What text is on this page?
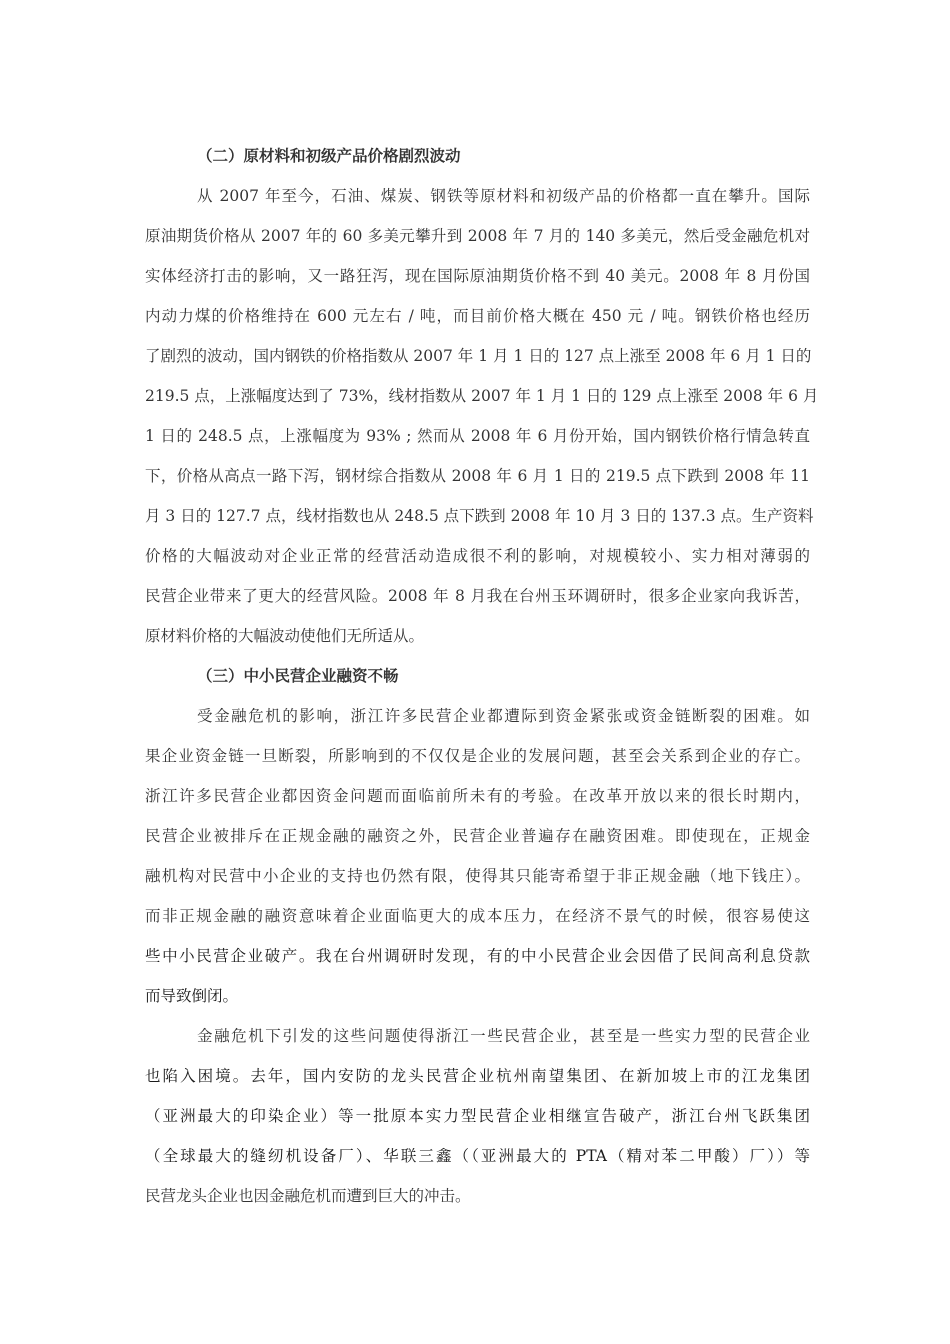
（二）原材料和初级产品价格剧烈波动

从 2007 年至今，石油、煤炭、钢铁等原材料和初级产品的价格都一直在攀升。国际

原油期货价格从 2007 年的 60 多美元攀升到 2008 年 7 月的 140 多美元，然后受金融危机对

实体经济打击的影响，又一路狂泻，现在国际原油期货价格不到 40 美元。2008 年 8 月份国

内动力煤的价格维持在 600 元左右 / 吨，而目前价格大概在 450 元 / 吨。钢铁价格也经历

了剧烈的波动，国内钢铁的价格指数从 2007 年 1 月 1 日的 127 点上涨至 2008 年 6 月 1 日的

219.5 点，上涨幅度达到了 73%，线材指数从 2007 年 1 月 1 日的 129 点上涨至 2008 年 6 月

1 日的 248.5 点，上涨幅度为 93% ; 然而从 2008 年 6 月份开始，国内钢铁价格行情急转直

下，价格从高点一路下泻，钢材综合指数从 2008 年 6 月 1 日的 219.5 点下跌到 2008 年 11

月 3 日的 127.7 点，线材指数也从 248.5 点下跌到 2008 年 10 月 3 日的 137.3 点。生产资料

价格的大幅波动对企业正常的经营活动造成很不利的影响，对规模较小、实力相对薄弱的

民营企业带来了更大的经营风险。2008 年 8 月我在台州玉环调研时，很多企业家向我诉苦，

原材料价格的大幅波动使他们无所适从。

（三）中小民营企业融资不畅

受金融危机的影响，浙江许多民营企业都遭际到资金紧张或资金链断裂的困难。如

果企业资金链一旦断裂，所影响到的不仅仅是企业的发展问题，甚至会关系到企业的存亡。

浙江许多民营企业都因资金问题而面临前所未有的考验。在改革开放以来的很长时期内，

民营企业被排斥在正规金融的融资之外，民营企业普遍存在融资困难。即使现在，正规金

融机构对民营中小企业的支持也仍然有限，使得其只能寄希望于非正规金融（地下钱庄）。

而非正规金融的融资意味着企业面临更大的成本压力，在经济不景气的时候，很容易使这

些中小民营企业破产。我在台州调研时发现，有的中小民营企业会因借了民间高利息贷款

而导致倒闭。

金融危机下引发的这些问题使得浙江一些民营企业，甚至是一些实力型的民营企业

也陷入困境。去年，国内安防的龙头民营企业杭州南望集团、在新加坡上市的江龙集团

（亚洲最大的印染企业）等一批原本实力型民营企业相继宣告破产，浙江台州飞跃集团

（全球最大的缝纫机设备厂）、华联三鑫（（亚洲最大的 PTA（精对苯二甲酸）厂））等

民营龙头企业也因金融危机而遭到巨大的冲击。
